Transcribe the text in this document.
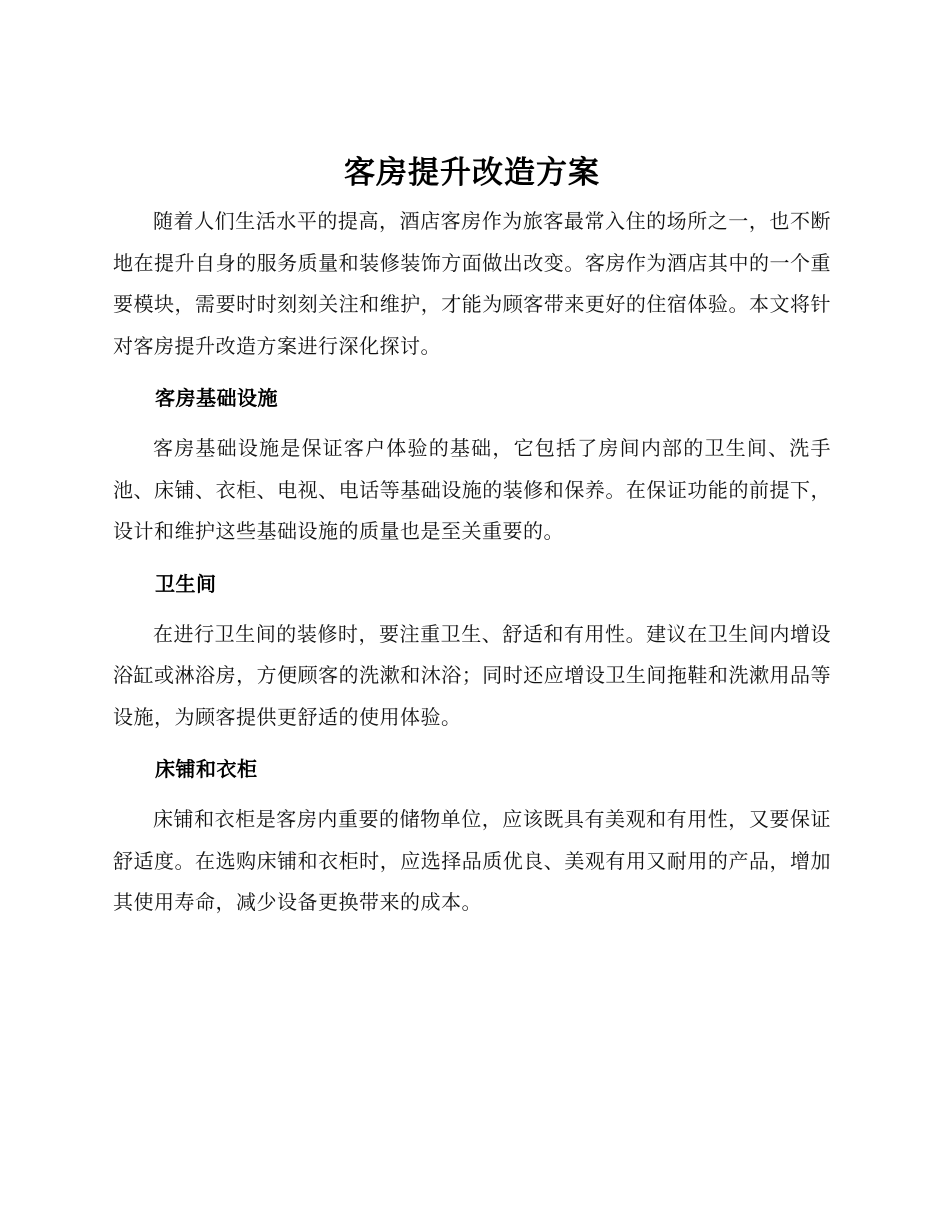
客房提升改造方案

随着人们生活水平的提高，酒店客房作为旅客最常入住的场所之一，也不断地在提升自身的服务质量和装修装饰方面做出改变。客房作为酒店其中的一个重要模块，需要时时刻刻关注和维护，才能为顾客带来更好的住宿体验。本文将针对客房提升改造方案进行深化探讨。

客房基础设施

客房基础设施是保证客户体验的基础，它包括了房间内部的卫生间、洗手池、床铺、衣柜、电视、电话等基础设施的装修和保养。在保证功能的前提下，设计和维护这些基础设施的质量也是至关重要的。

卫生间

在进行卫生间的装修时，要注重卫生、舒适和有用性。建议在卫生间内增设浴缸或淋浴房，方便顾客的洗漱和沐浴；同时还应增设卫生间拖鞋和洗漱用品等设施，为顾客提供更舒适的使用体验。

床铺和衣柜

床铺和衣柜是客房内重要的储物单位，应该既具有美观和有用性，又要保证舒适度。在选购床铺和衣柜时，应选择品质优良、美观有用又耐用的产品，增加其使用寿命，减少设备更换带来的成本。
